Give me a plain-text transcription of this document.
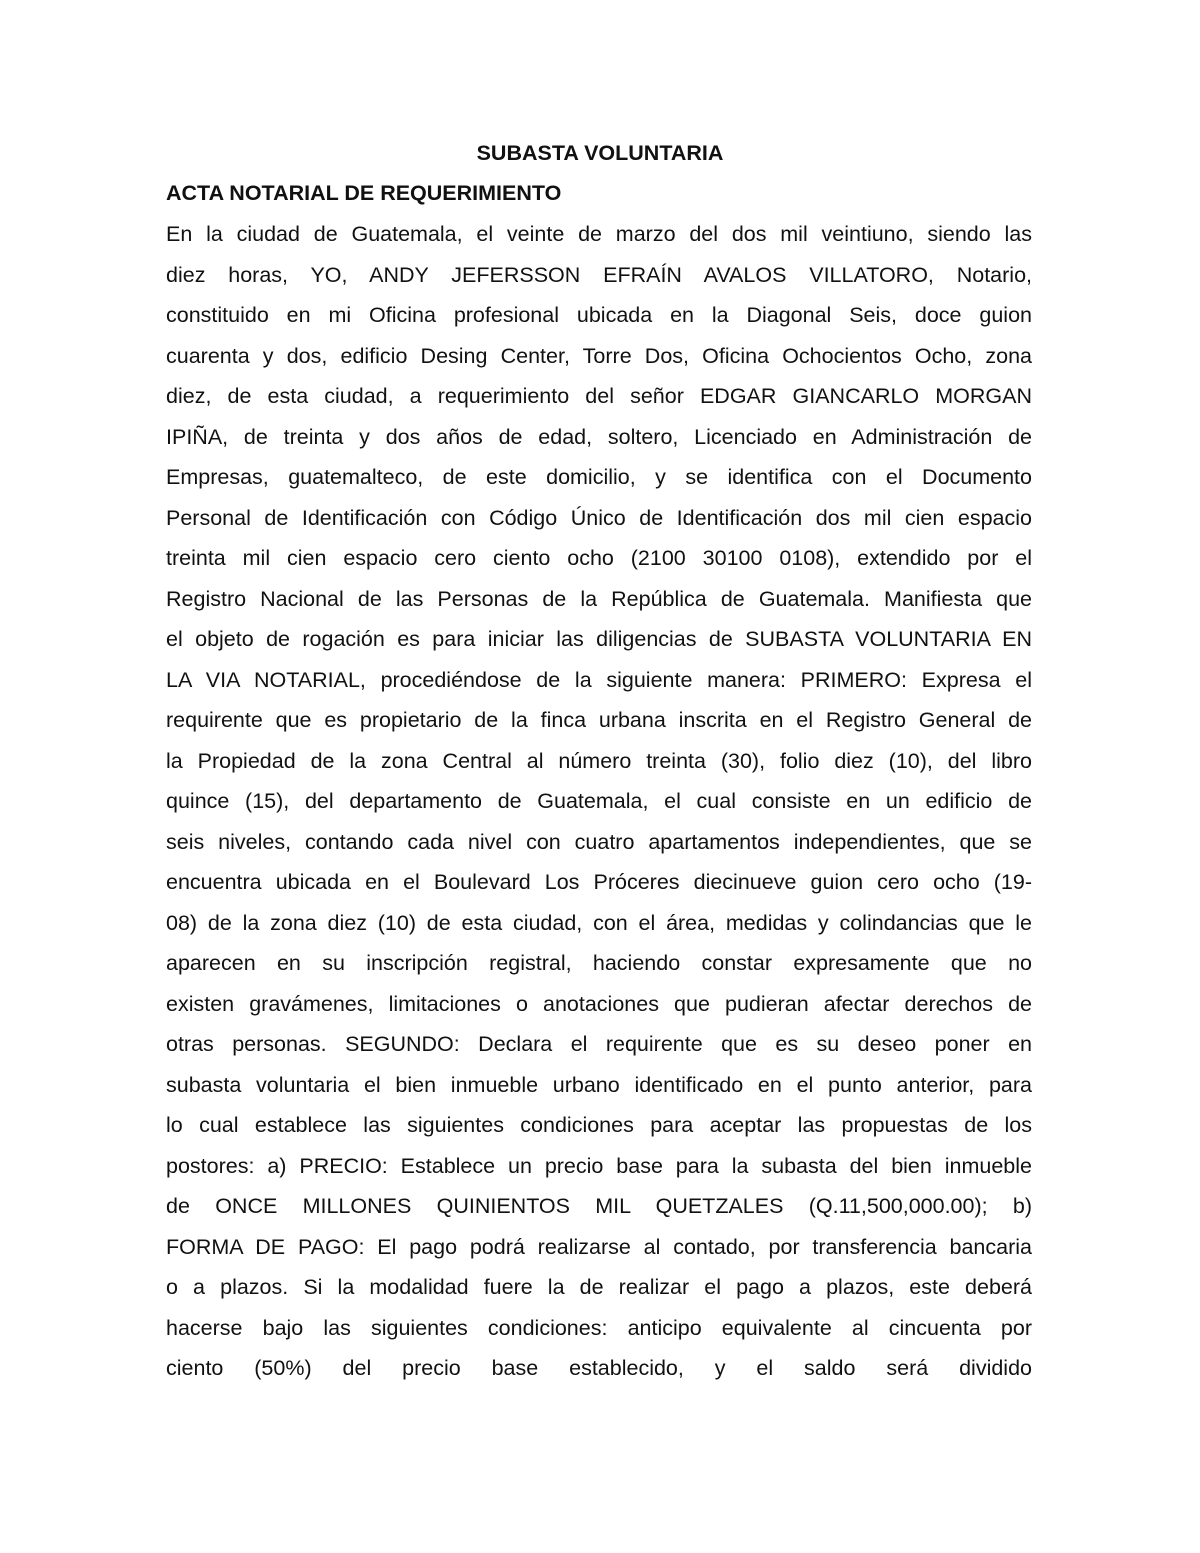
SUBASTA VOLUNTARIA
ACTA NOTARIAL DE REQUERIMIENTO
En la ciudad de Guatemala, el veinte de marzo del dos mil veintiuno, siendo las
diez horas, YO, ANDY JEFERSSON EFRAÍN AVALOS VILLATORO, Notario,
constituido en mi Oficina profesional ubicada en la Diagonal Seis, doce guion
cuarenta y dos, edificio Desing Center, Torre Dos, Oficina Ochocientos Ocho, zona
diez, de esta ciudad, a requerimiento del señor EDGAR GIANCARLO MORGAN
IPIÑA, de treinta y dos años de edad, soltero, Licenciado en Administración de
Empresas, guatemalteco, de este domicilio, y se identifica con el Documento
Personal de Identificación con Código Único de Identificación dos mil cien espacio
treinta mil cien espacio cero ciento ocho (2100 30100 0108), extendido por el
Registro Nacional de las Personas de la República de Guatemala. Manifiesta que
el objeto de rogación es para iniciar las diligencias de SUBASTA VOLUNTARIA EN
LA VIA NOTARIAL, procediéndose de la siguiente manera: PRIMERO: Expresa el
requirente que es propietario de la finca urbana inscrita en el Registro General de
la Propiedad de la zona Central al número treinta (30), folio diez (10), del libro
quince (15), del departamento de Guatemala, el cual consiste en un edificio de
seis niveles, contando cada nivel con cuatro apartamentos independientes, que se
encuentra ubicada en el Boulevard Los Próceres diecinueve guion cero ocho (19-
08) de la zona diez (10) de esta ciudad, con el área, medidas y colindancias que le
aparecen en su inscripción registral, haciendo constar expresamente que no
existen gravámenes, limitaciones o anotaciones que pudieran afectar derechos de
otras personas. SEGUNDO: Declara el requirente que es su deseo poner en
subasta voluntaria el bien inmueble urbano identificado en el punto anterior, para
lo cual establece las siguientes condiciones para aceptar las propuestas de los
postores: a) PRECIO: Establece un precio base para la subasta del bien inmueble
de ONCE MILLONES QUINIENTOS MIL QUETZALES (Q.11,500,000.00); b)
FORMA DE PAGO: El pago podrá realizarse al contado, por transferencia bancaria
o a plazos. Si la modalidad fuere la de realizar el pago a plazos, este deberá
hacerse bajo las siguientes condiciones: anticipo equivalente al cincuenta por
ciento (50%) del precio base establecido, y el saldo será dividido
